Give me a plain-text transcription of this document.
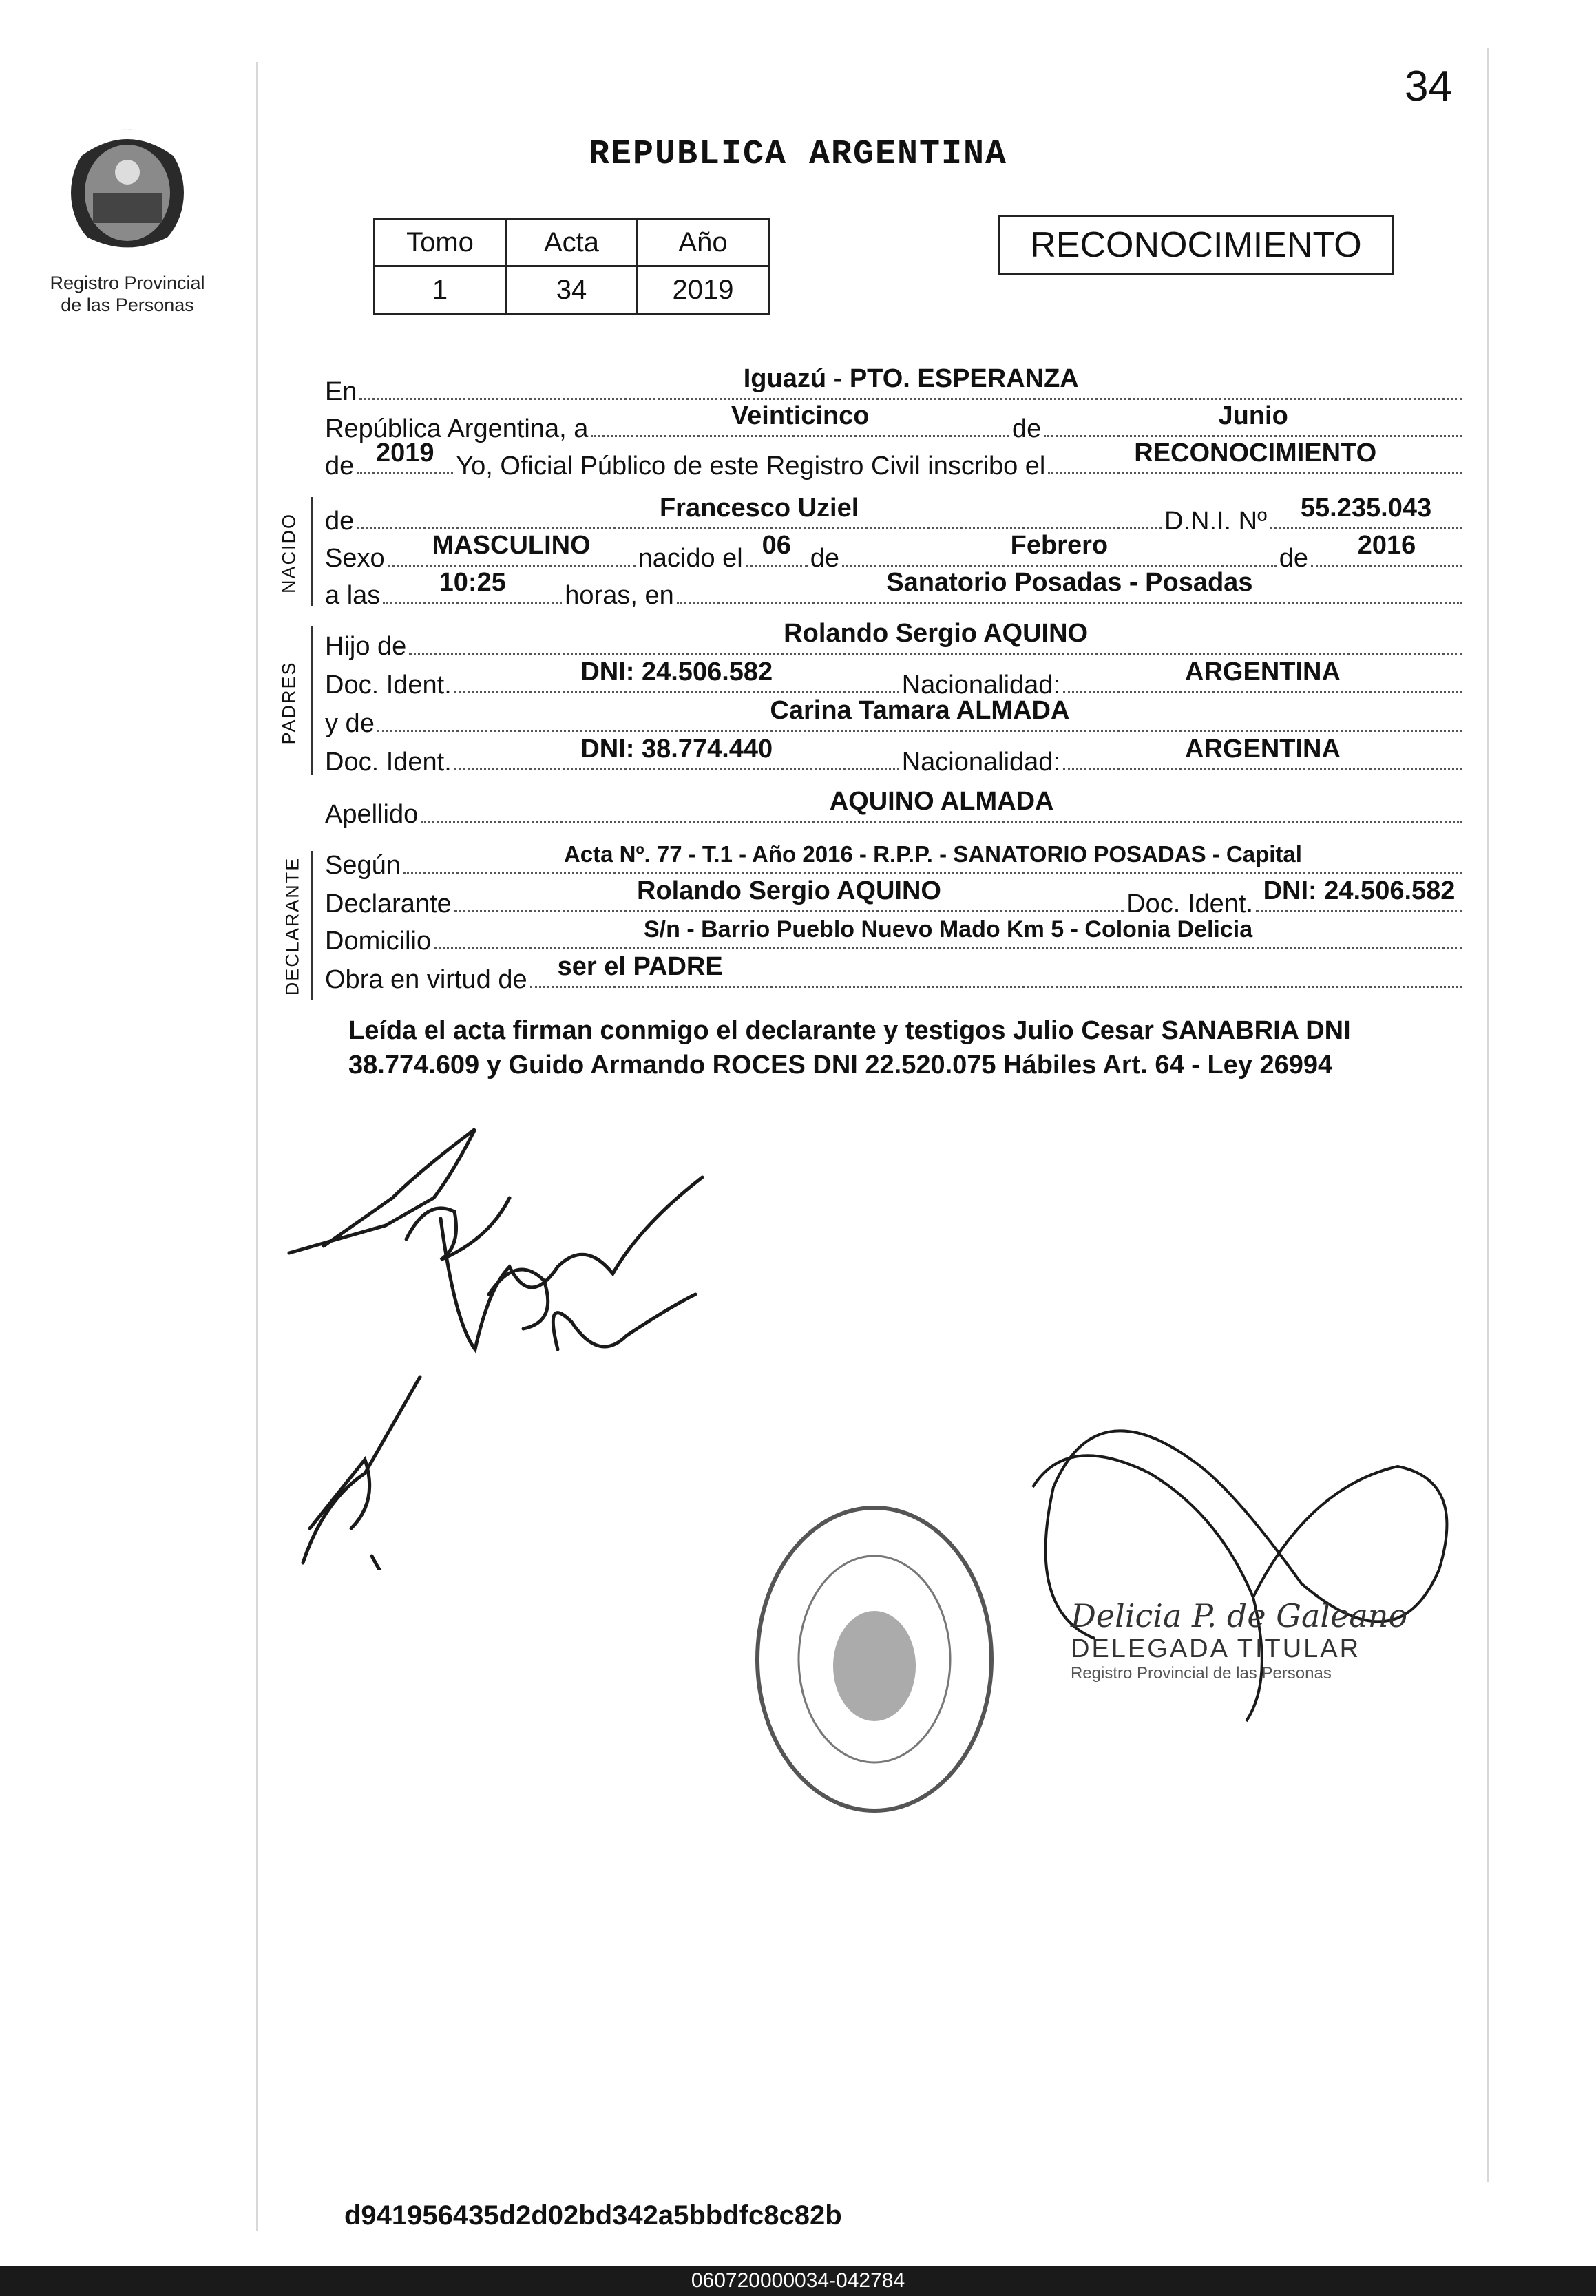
34
Registro Provincial
de las Personas
REPUBLICA ARGENTINA
Tomo	Acta	Año
1	34	2019
RECONOCIMIENTO
En	Iguazú - PTO. ESPERANZA
República Argentina, a	Veinticinco	de	Junio
de 2019 Yo, Oficial Público de este Registro Civil inscribo el	RECONOCIMIENTO
NACIDO de	Francesco Uziel	D.N.I. Nº	55.235.043
Sexo	MASCULINO	nacido el 06 de	Febrero	de	2016
a las	10:25	horas, en	Sanatorio Posadas - Posadas
PADRES
Hijo de	Rolando Sergio AQUINO
Doc. Ident.	DNI: 24.506.582	Nacionalidad:	ARGENTINA
y de	Carina Tamara ALMADA
Doc. Ident.	DNI: 38.774.440	Nacionalidad:	ARGENTINA
Apellido	AQUINO ALMADA
DECLARANTE Según	Acta Nº. 77 - T.1 - Año 2016 - R.P.P. - SANATORIO POSADAS - Capital
Declarante	Rolando Sergio AQUINO	Doc. Ident. DNI: 24.506.582
Domicilio	S/n - Barrio Pueblo Nuevo Mado Km 5 - Colonia Delicia
Obra en virtud de	ser el PADRE
Leída el acta firman conmigo el declarante y testigos Julio Cesar SANABRIA DNI 38.774.609 y Guido Armando ROCES DNI 22.520.075 Hábiles Art. 64 - Ley 26994
Delicia P. de Galeano
DELEGADA TITULAR
Registro Provincial de las Personas
d941956435d2d02bd342a5bbdfc8c82b
060720000034-042784
